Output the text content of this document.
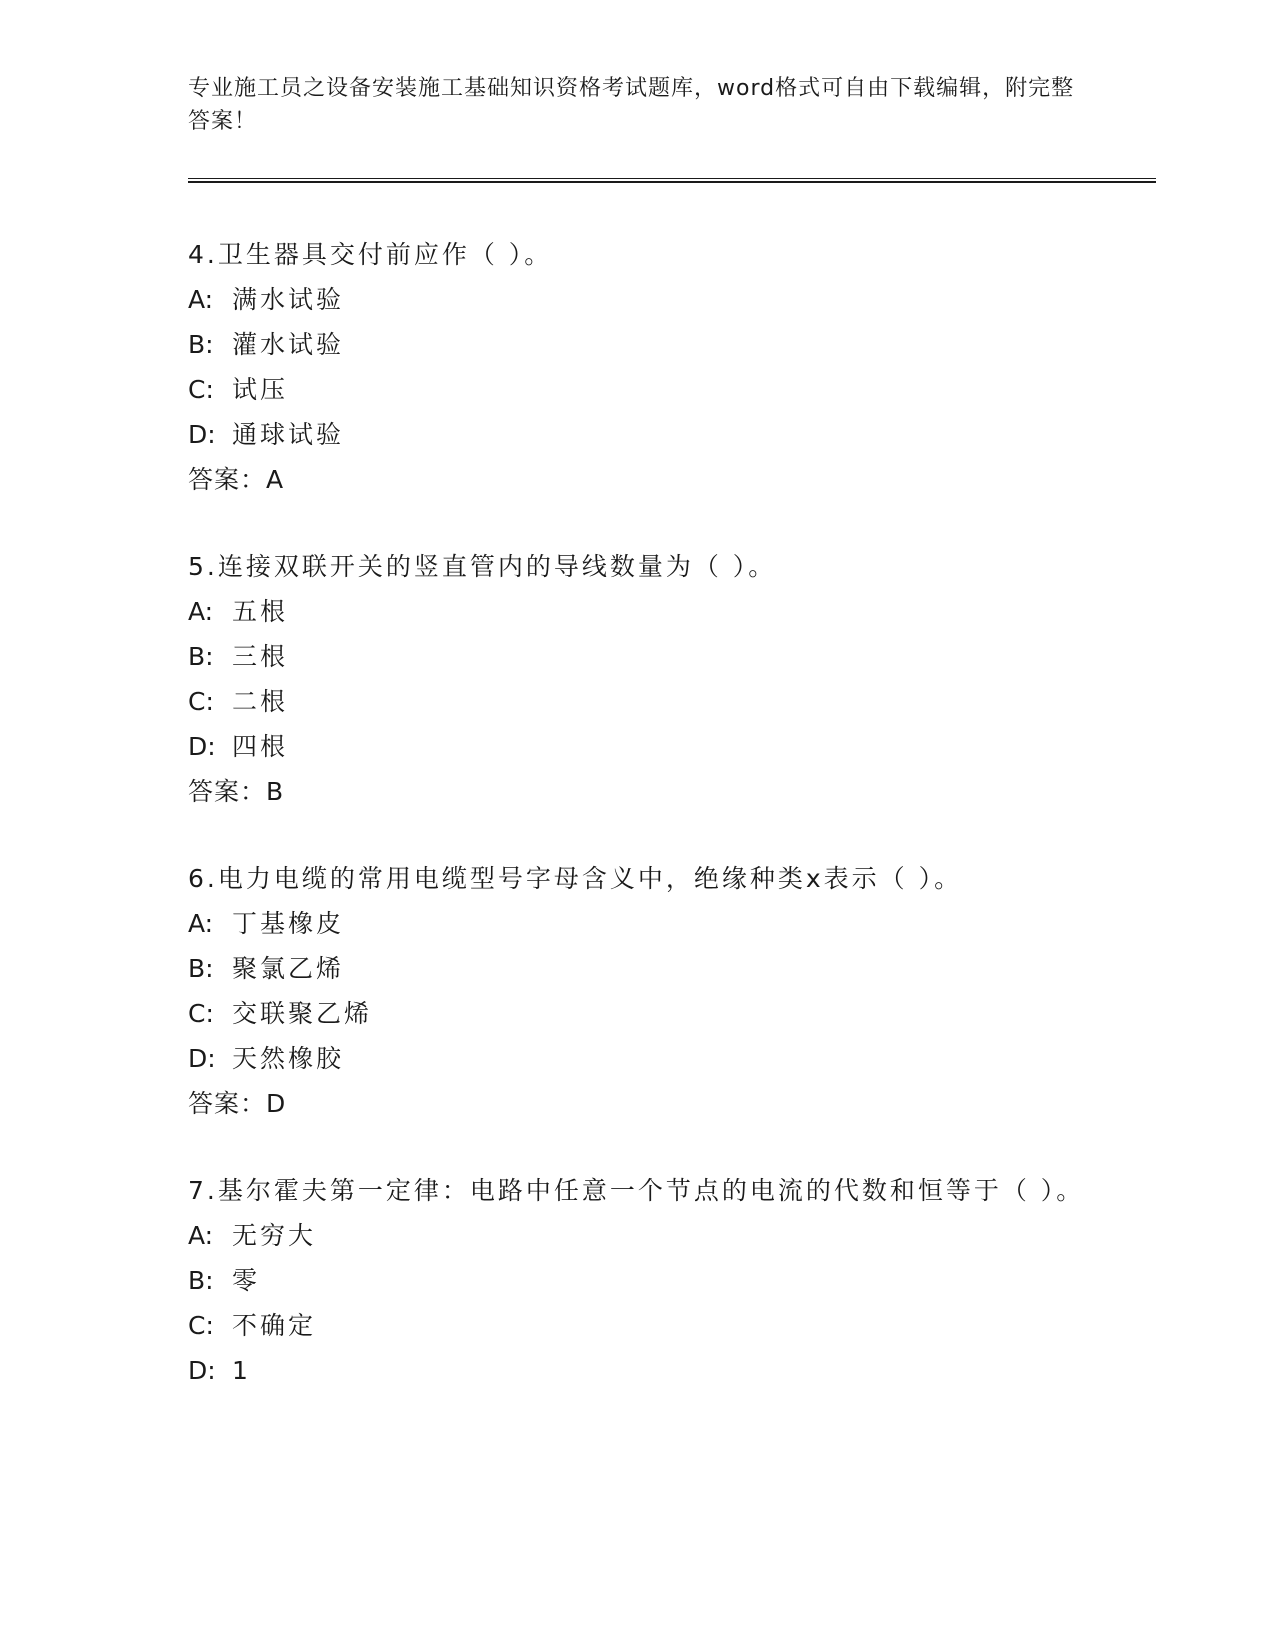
专业施工员之设备安装施工基础知识资格考试题库，word格式可自由下载编辑，附完整答案！
4.卫生器具交付前应作（ ）。
A: 满水试验
B: 灌水试验
C: 试压
D: 通球试验
答案：A
5.连接双联开关的竖直管内的导线数量为（ ）。
A: 五根
B: 三根
C: 二根
D: 四根
答案：B
6.电力电缆的常用电缆型号字母含义中，绝缘种类x表示（ ）。
A: 丁基橡皮
B: 聚氯乙烯
C: 交联聚乙烯
D: 天然橡胶
答案：D
7.基尔霍夫第一定律：电路中任意一个节点的电流的代数和恒等于（ ）。
A: 无穷大
B: 零
C: 不确定
D: 1
